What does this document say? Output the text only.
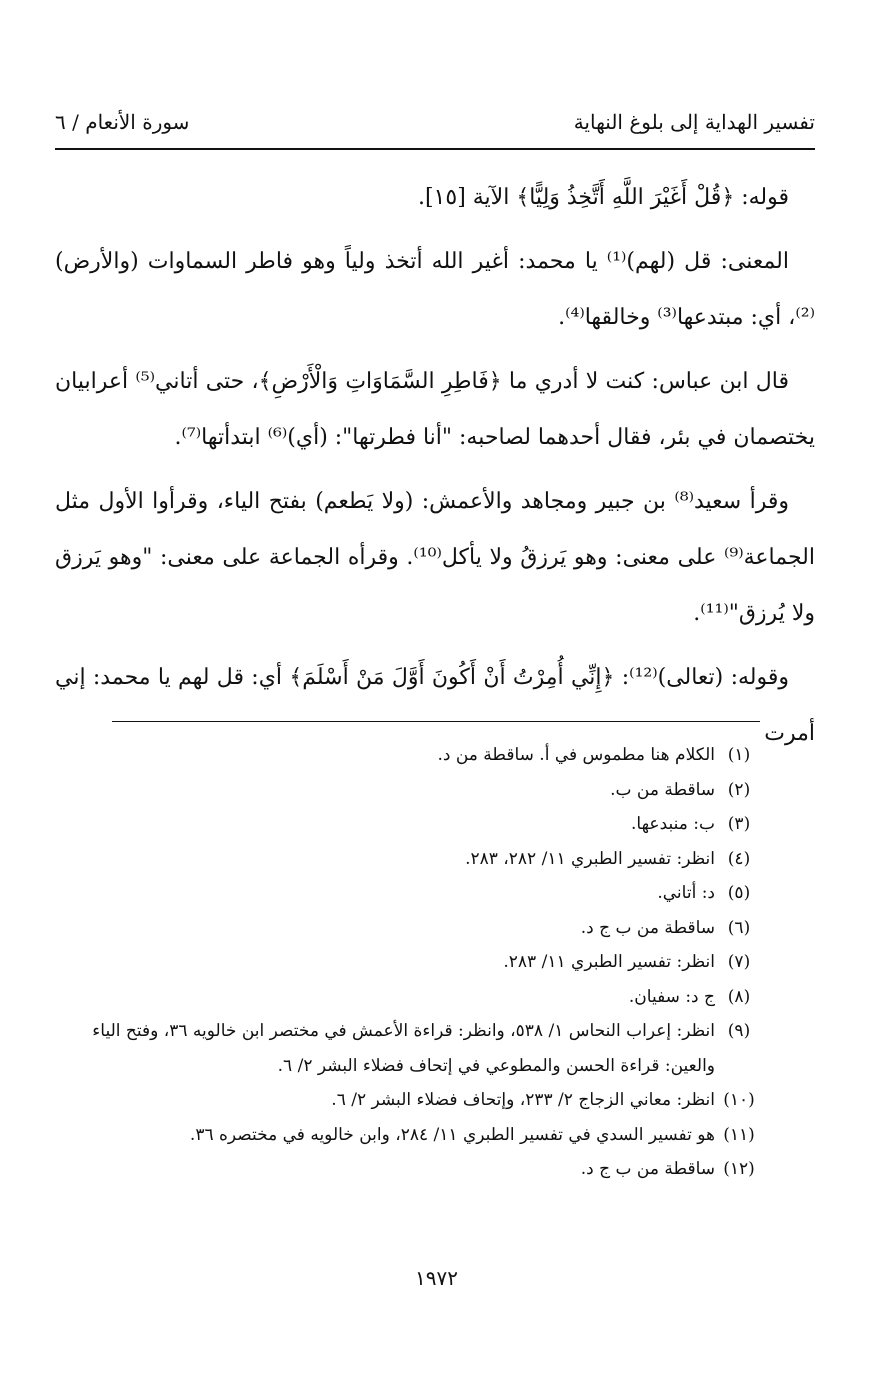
تفسير الهداية إلى بلوغ النهاية
سورة الأنعام / ٦

قوله: ﴿قُلْ أَغَيْرَ اللَّهِ أَتَّخِذُ وَلِيًّا﴾ الآية [١٥].

المعنى: قل (لهم)⁽¹⁾ يا محمد: أغير الله أتخذ ولياً وهو فاطر السماوات (والأرض)⁽²⁾، أي: مبتدعها⁽³⁾ وخالقها⁽⁴⁾.

قال ابن عباس: كنت لا أدري ما ﴿فَاطِرِ السَّمَاوَاتِ وَالْأَرْضِ﴾، حتى أتاني⁽⁵⁾ أعرابيان يختصمان في بئر، فقال أحدهما لصاحبه: "أنا فطرتها": (أي)⁽⁶⁾ ابتدأتها⁽⁷⁾.

وقرأ سعيد⁽⁸⁾ بن جبير ومجاهد والأعمش: (ولا يَطعم) بفتح الياء، وقرأوا الأول مثل الجماعة⁽⁹⁾ على معنى: وهو يَرزقُ ولا يأكل⁽¹⁰⁾. وقرأه الجماعة على معنى: "وهو يَرزق ولا يُرزق"⁽¹¹⁾.

وقوله: (تعالى)⁽¹²⁾: ﴿إِنِّي أُمِرْتُ أَنْ أَكُونَ أَوَّلَ مَنْ أَسْلَمَ﴾ أي: قل لهم يا محمد: إني أمرت

(١)
الكلام هنا مطموس في أ. ساقطة من د.
(٢)
ساقطة من ب.
(٣)
ب: منبدعها.
(٤)
انظر: تفسير الطبري ١١/ ٢٨٢، ٢٨٣.
(٥)
د: أتاني.
(٦)
ساقطة من ب ج د.
(٧)
انظر: تفسير الطبري ١١/ ٢٨٣.
(٨)
ج د: سفيان.
(٩)
انظر: إعراب النحاس ١/ ٥٣٨، وانظر: قراءة الأعمش في مختصر ابن خالويه ٣٦، وفتح الياء والعين: قراءة الحسن والمطوعي في إتحاف فضلاء البشر ٢/ ٦.
(١٠)
انظر: معاني الزجاج ٢/ ٢٣٣، وإتحاف فضلاء البشر ٢/ ٦.
(١١)
هو تفسير السدي في تفسير الطبري ١١/ ٢٨٤، وابن خالويه في مختصره ٣٦.
(١٢)
ساقطة من ب ج د.
١٩٧٢
